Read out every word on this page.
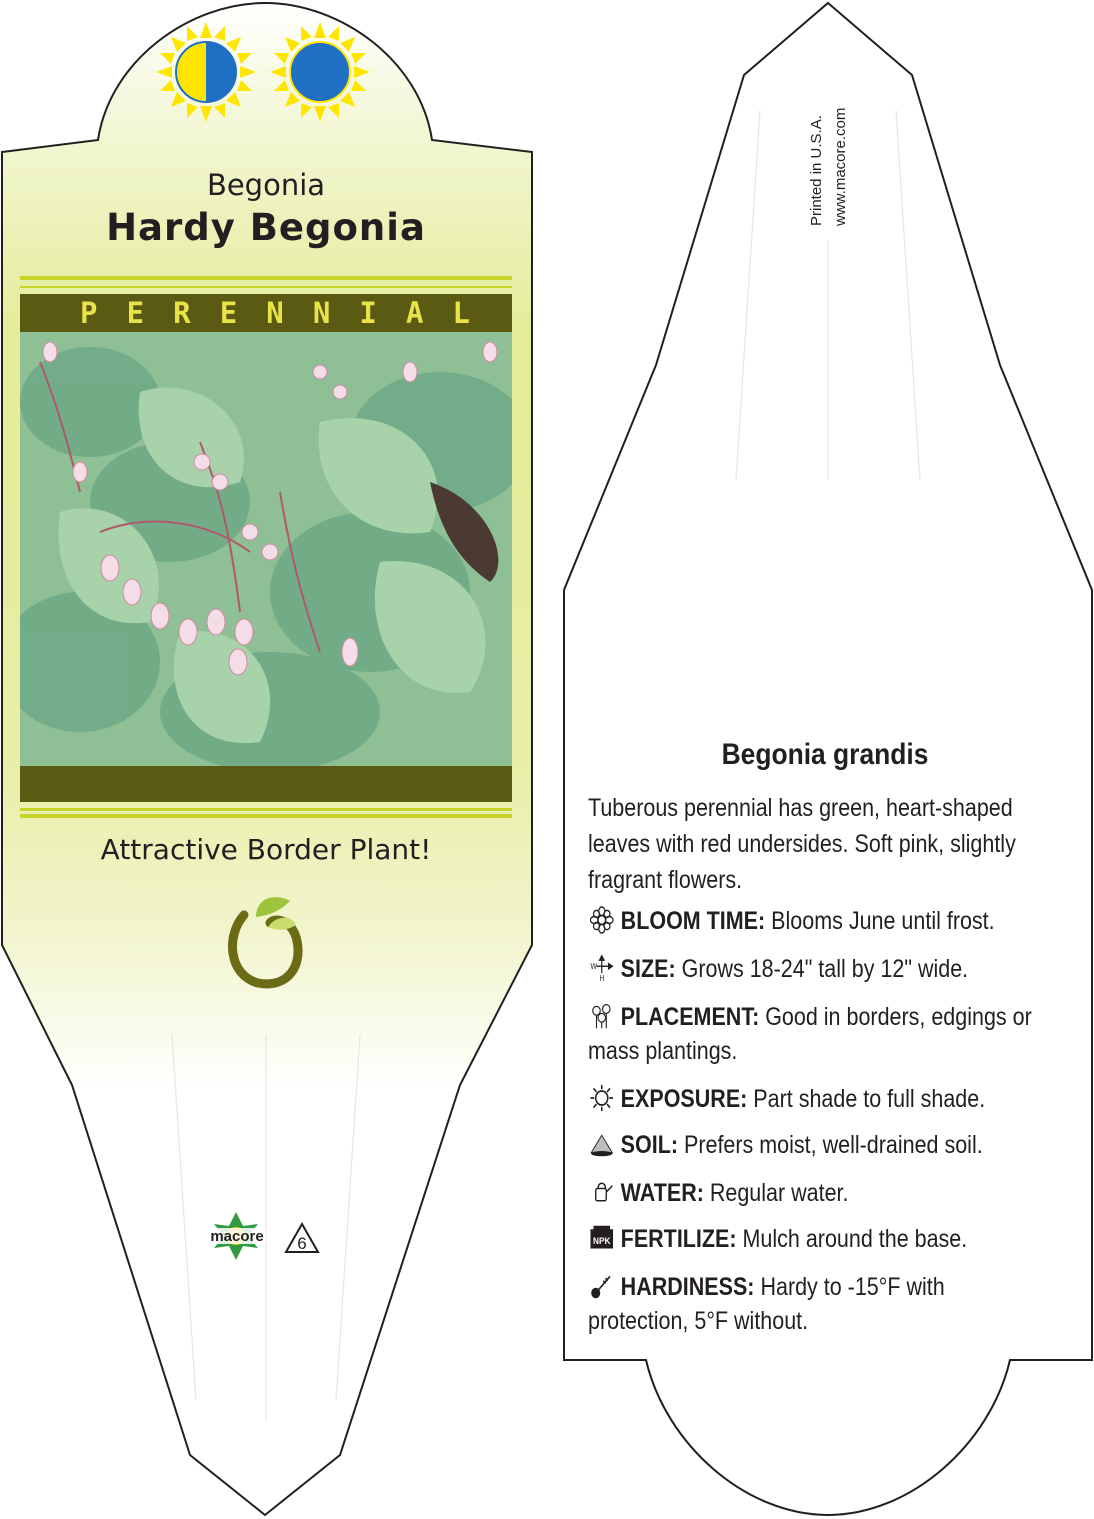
Begonia
Hardy Begonia
P E R E N N I A L
Attractive Border Plant!
macore 6
Printed in U.S.A. www.macore.com
Begonia grandis
Tuberous perennial has green, heart-shaped leaves with red undersides. Soft pink, slightly fragrant flowers.
BLOOM TIME: Blooms June until frost.
W
H SIZE: Grows 18-24" tall by 12" wide.
PLACEMENT: Good in borders, edgings or mass plantings.
EXPOSURE: Part shade to full shade.
SOIL: Prefers moist, well-drained soil.
WATER: Regular water.
NPK FERTILIZE: Mulch around the base.
HARDINESS: Hardy to -15°F with protection, 5°F without.
